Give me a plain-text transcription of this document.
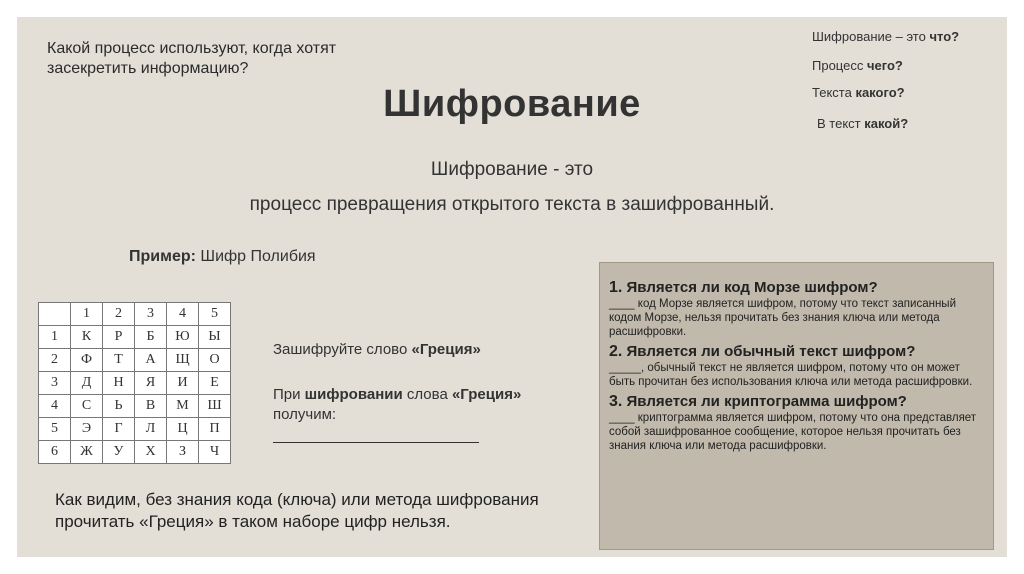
Какой процесс используют, когда хотят засекретить информацию?
Шифрование
Шифрование – это что?
Процесс чего?
Текста какого?
В текст какой?
Шифрование - это
процесс превращения открытого текста в зашифрованный.
Пример: Шифр Полибия
	1	2	3	4	5
1	К	Р	Б	Ю	Ы
2	Ф	Т	А	Щ	О
3	Д	Н	Я	И	Е
4	С	Ь	В	М	Ш
5	Э	Г	Л	Ц	П
6	Ж	У	Х	З	Ч
Зашифруйте слово «Греция»
При шифровании слова «Греция» получим:
Как видим, без знания кода (ключа) или метода шифрования прочитать «Греция» в таком наборе цифр нельзя.
1. Является ли код Морзе шифром?
____ код Морзе является шифром, потому что текст записанный кодом Морзе, нельзя прочитать без знания ключа или метода расшифровки.
2. Является ли обычный текст шифром?
_____, обычный текст не является шифром, потому что он может быть прочитан без использования ключа или метода расшифровки.
3. Является ли криптограмма шифром?
____ криптограмма является шифром, потому что она представляет собой зашифрованное сообщение, которое нельзя прочитать без знания ключа или метода расшифровки.
